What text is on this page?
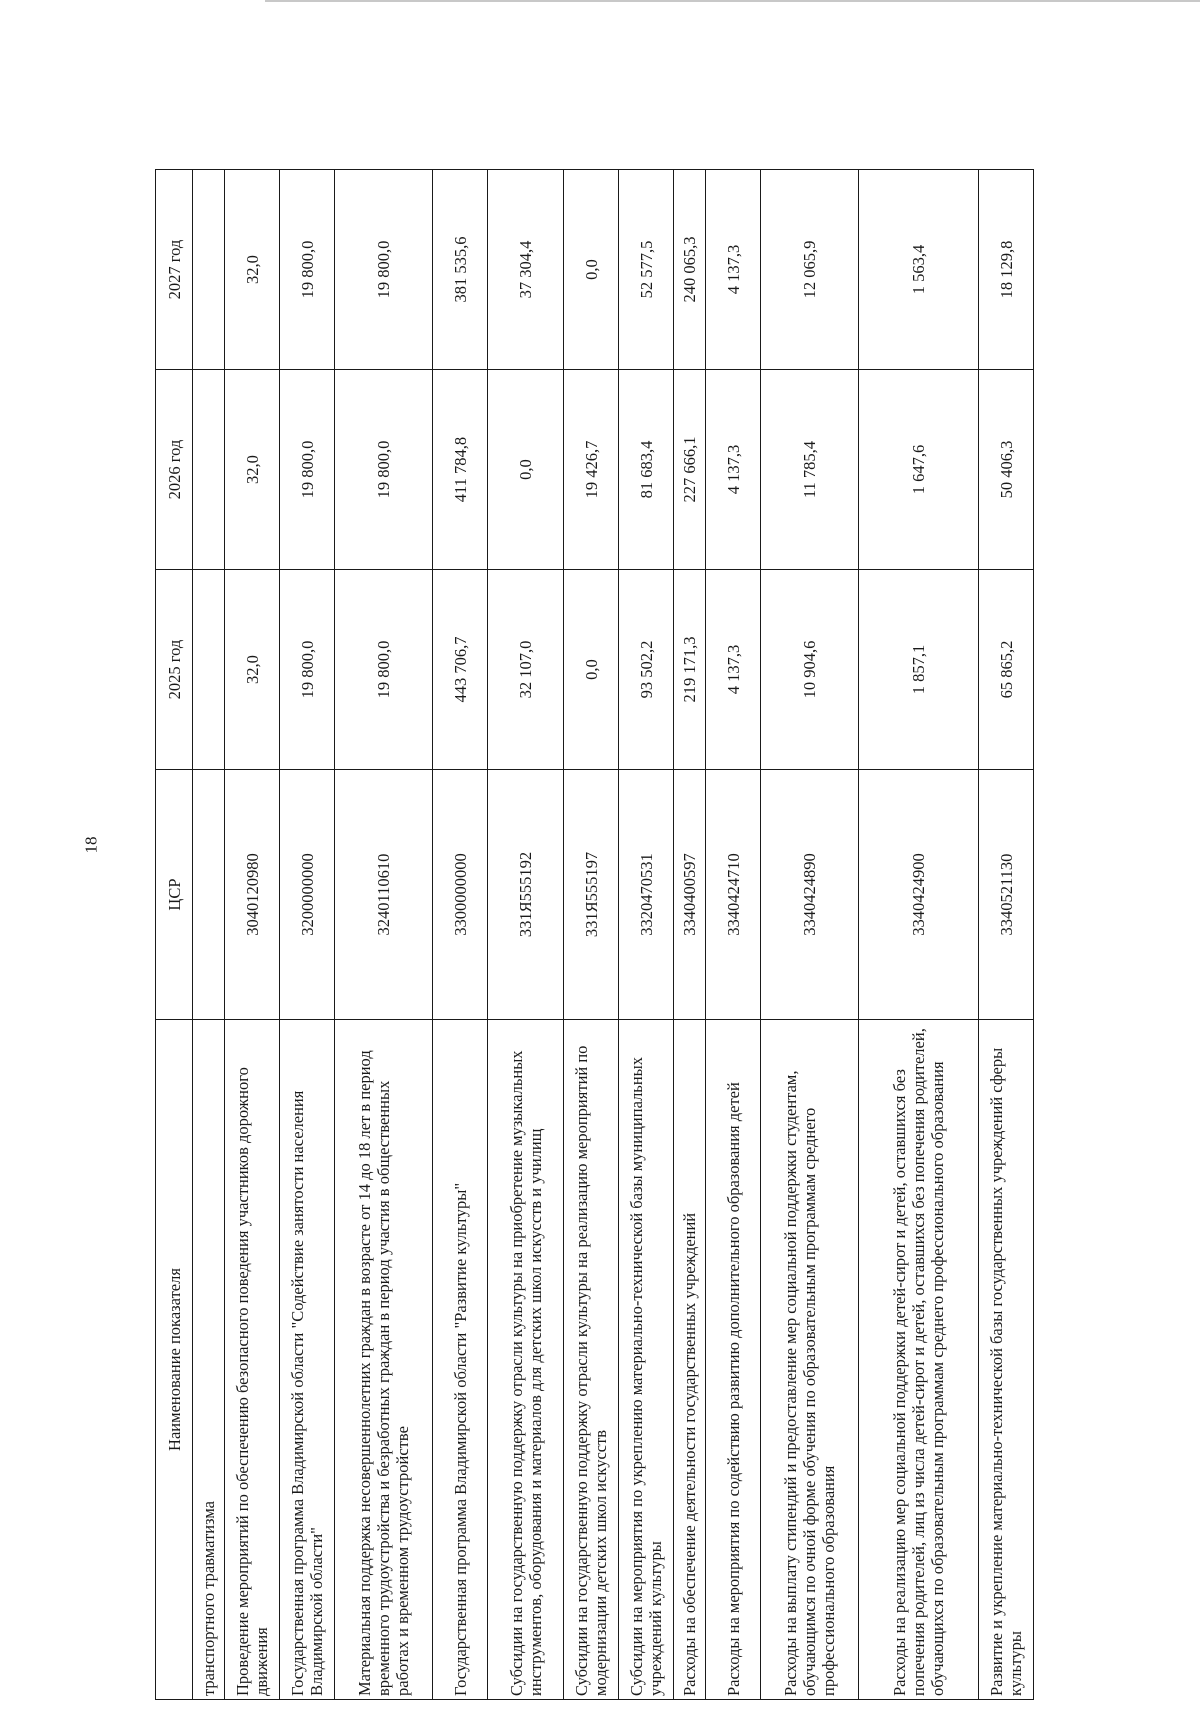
18
Наименование показателя	ЦСР	2025 год	2026 год	2027 год
транспортного травматизма				
Проведение мероприятий по обеспечению безопасного поведения участников дорожного движения	3040120980	32,0	32,0	32,0
Государственная программа Владимирской области "Содействие занятости населения Владимирской области"	3200000000	19 800,0	19 800,0	19 800,0
Материальная поддержка несовершеннолетних граждан в возрасте от 14 до 18 лет в период временного трудоустройства и безработных граждан в период участия в общественных работах и временном трудоустройстве	3240110610	19 800,0	19 800,0	19 800,0
Государственная программа Владимирской области "Развитие культуры"	3300000000	443 706,7	411 784,8	381 535,6
Субсидии на государственную поддержку отрасли культуры на приобретение музыкальных инструментов, оборудования и материалов для детских школ искусств и училищ	331Я555192	32 107,0	0,0	37 304,4
Субсидии на государственную поддержку отрасли культуры на реализацию мероприятий по модернизации детских школ искусств	331Я555197	0,0	19 426,7	0,0
Субсидии на мероприятия по укреплению материально-технической базы муниципальных учреждений культуры	3320470531	93 502,2	81 683,4	52 577,5
Расходы на обеспечение деятельности государственных учреждений	3340400597	219 171,3	227 666,1	240 065,3
Расходы на мероприятия по содействию развитию дополнительного образования детей	3340424710	4 137,3	4 137,3	4 137,3
Расходы на выплату стипендий и предоставление мер социальной поддержки студентам, обучающимся по очной форме обучения по образовательным программам среднего профессионального образования	3340424890	10 904,6	11 785,4	12 065,9
Расходы на реализацию мер социальной поддержки детей-сирот и детей, оставшихся без попечения родителей, лиц из числа детей-сирот и детей, оставшихся без попечения родителей, обучающихся по образовательным программам среднего профессионального образования	3340424900	1 857,1	1 647,6	1 563,4
Развитие и укрепление материально-технической базы государственных учреждений сферы культуры	3340521130	65 865,2	50 406,3	18 129,8
